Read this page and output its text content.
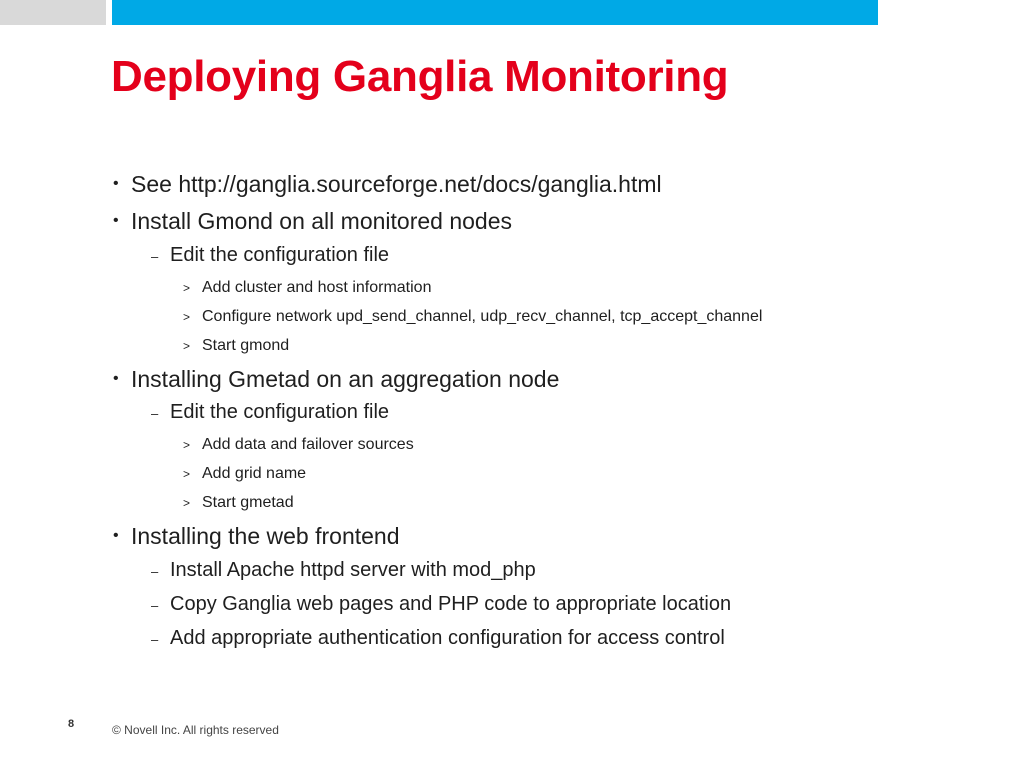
Deploying Ganglia Monitoring
• See http://ganglia.sourceforge.net/docs/ganglia.html
• Install Gmond on all monitored nodes
– Edit the configuration file
> Add cluster and host information
> Configure network upd_send_channel, udp_recv_channel, tcp_accept_channel
> Start gmond
• Installing Gmetad on an aggregation node
– Edit the configuration file
> Add data and failover sources
> Add grid name
> Start gmetad
• Installing the web frontend
– Install Apache httpd server with mod_php
– Copy Ganglia web pages and PHP code to appropriate location
– Add appropriate authentication configuration for access control
8	© Novell Inc. All rights reserved
